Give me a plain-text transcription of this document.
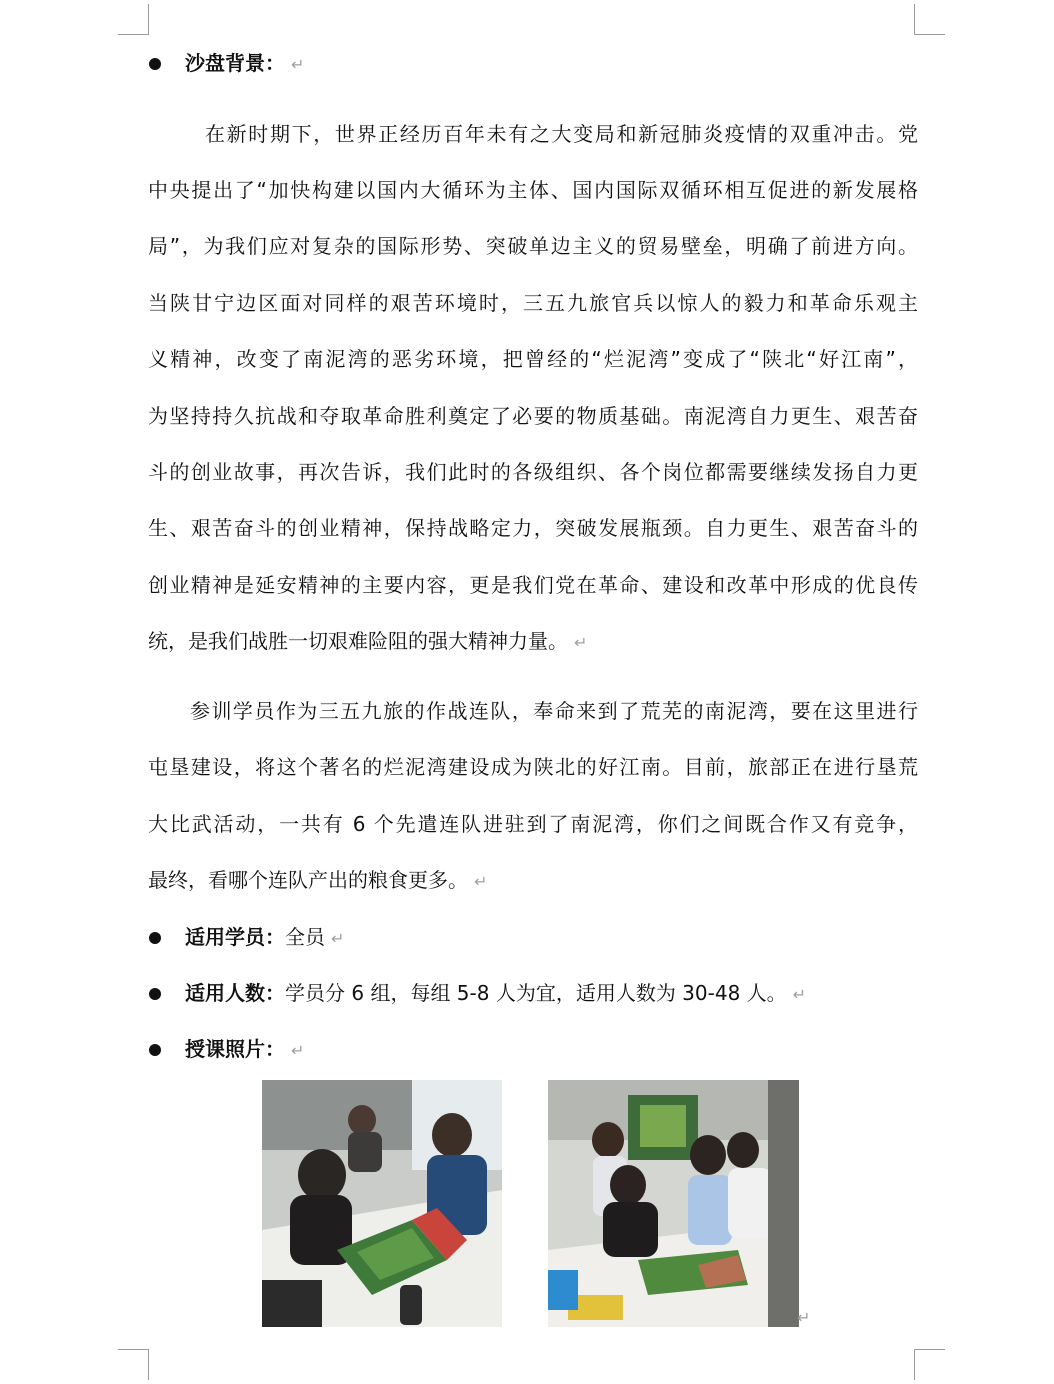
沙盘背景： ↵
在新时期下，世界正经历百年未有之大变局和新冠肺炎疫情的双重冲击。党
中央提出了“加快构建以国内大循环为主体、国内国际双循环相互促进的新发展格
局”，为我们应对复杂的国际形势、突破单边主义的贸易壁垒，明确了前进方向。
当陕甘宁边区面对同样的艰苦环境时，三五九旅官兵以惊人的毅力和革命乐观主
义精神，改变了南泥湾的恶劣环境，把曾经的“烂泥湾”变成了“陕北“好江南”，
为坚持持久抗战和夺取革命胜利奠定了必要的物质基础。南泥湾自力更生、艰苦奋
斗的创业故事，再次告诉，我们此时的各级组织、各个岗位都需要继续发扬自力更
生、艰苦奋斗的创业精神，保持战略定力，突破发展瓶颈。自力更生、艰苦奋斗的
创业精神是延安精神的主要内容，更是我们党在革命、建设和改革中形成的优良传
统，是我们战胜一切艰难险阻的强大精神力量。 ↵
参训学员作为三五九旅的作战连队，奉命来到了荒芜的南泥湾，要在这里进行
屯垦建设，将这个著名的烂泥湾建设成为陕北的好江南。目前，旅部正在进行垦荒
大比武活动，一共有 6 个先遣连队进驻到了南泥湾，你们之间既合作又有竞争，
最终，看哪个连队产出的粮食更多。 ↵
适用学员：全员 ↵
适用人数：学员分 6 组，每组 5-8 人为宜，适用人数为 30-48 人。 ↵
授课照片： ↵
↵
